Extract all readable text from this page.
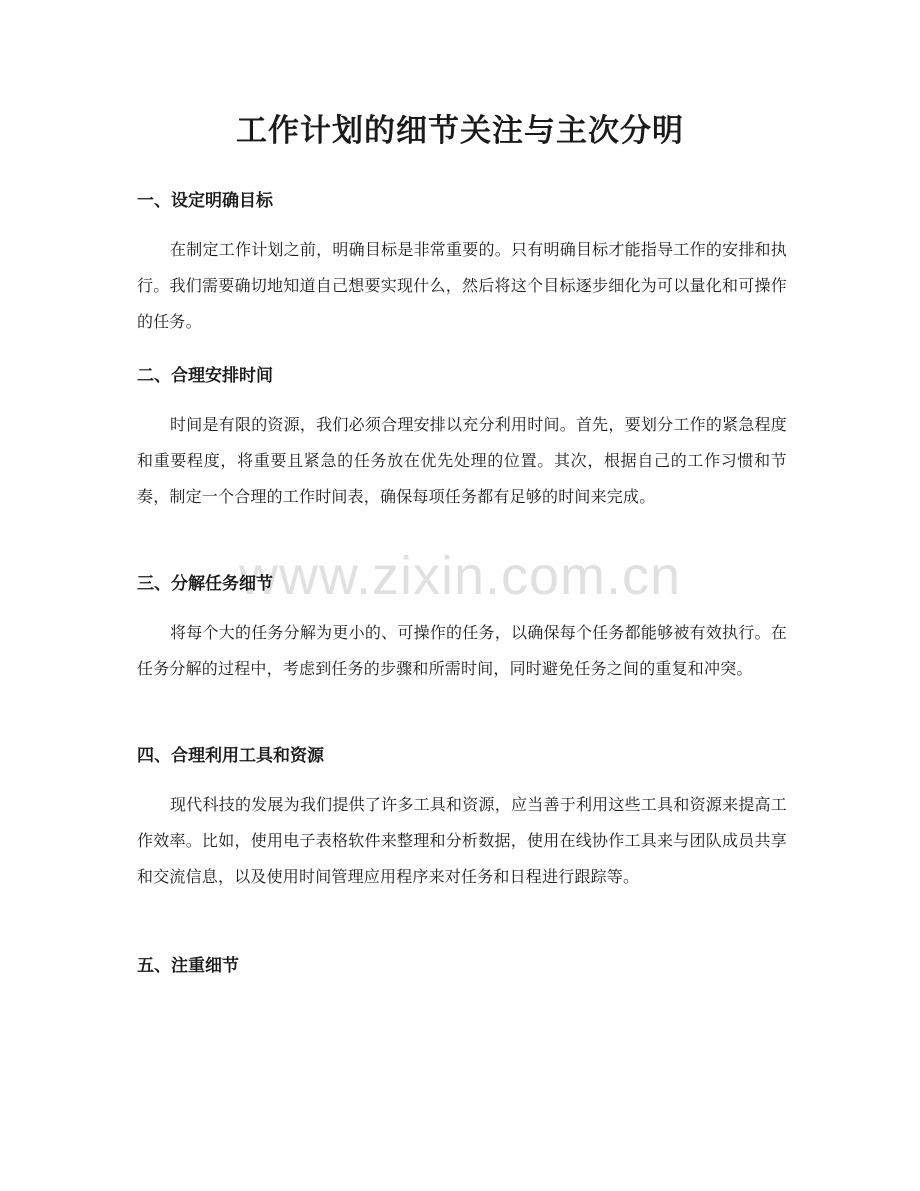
工作计划的细节关注与主次分明
一、设定明确目标

在制定工作计划之前，明确目标是非常重要的。只有明确目标才能指导工作的安排和执行。我们需要确切地知道自己想要实现什么，然后将这个目标逐步细化为可以量化和可操作的任务。

二、合理安排时间

时间是有限的资源，我们必须合理安排以充分利用时间。首先，要划分工作的紧急程度和重要程度，将重要且紧急的任务放在优先处理的位置。其次，根据自己的工作习惯和节奏，制定一个合理的工作时间表，确保每项任务都有足够的时间来完成。

三、分解任务细节

将每个大的任务分解为更小的、可操作的任务，以确保每个任务都能够被有效执行。在任务分解的过程中，考虑到任务的步骤和所需时间，同时避免任务之间的重复和冲突。

四、合理利用工具和资源

现代科技的发展为我们提供了许多工具和资源，应当善于利用这些工具和资源来提高工作效率。比如，使用电子表格软件来整理和分析数据，使用在线协作工具来与团队成员共享和交流信息，以及使用时间管理应用程序来对任务和日程进行跟踪等。

五、注重细节
www.zixin.com.cn
